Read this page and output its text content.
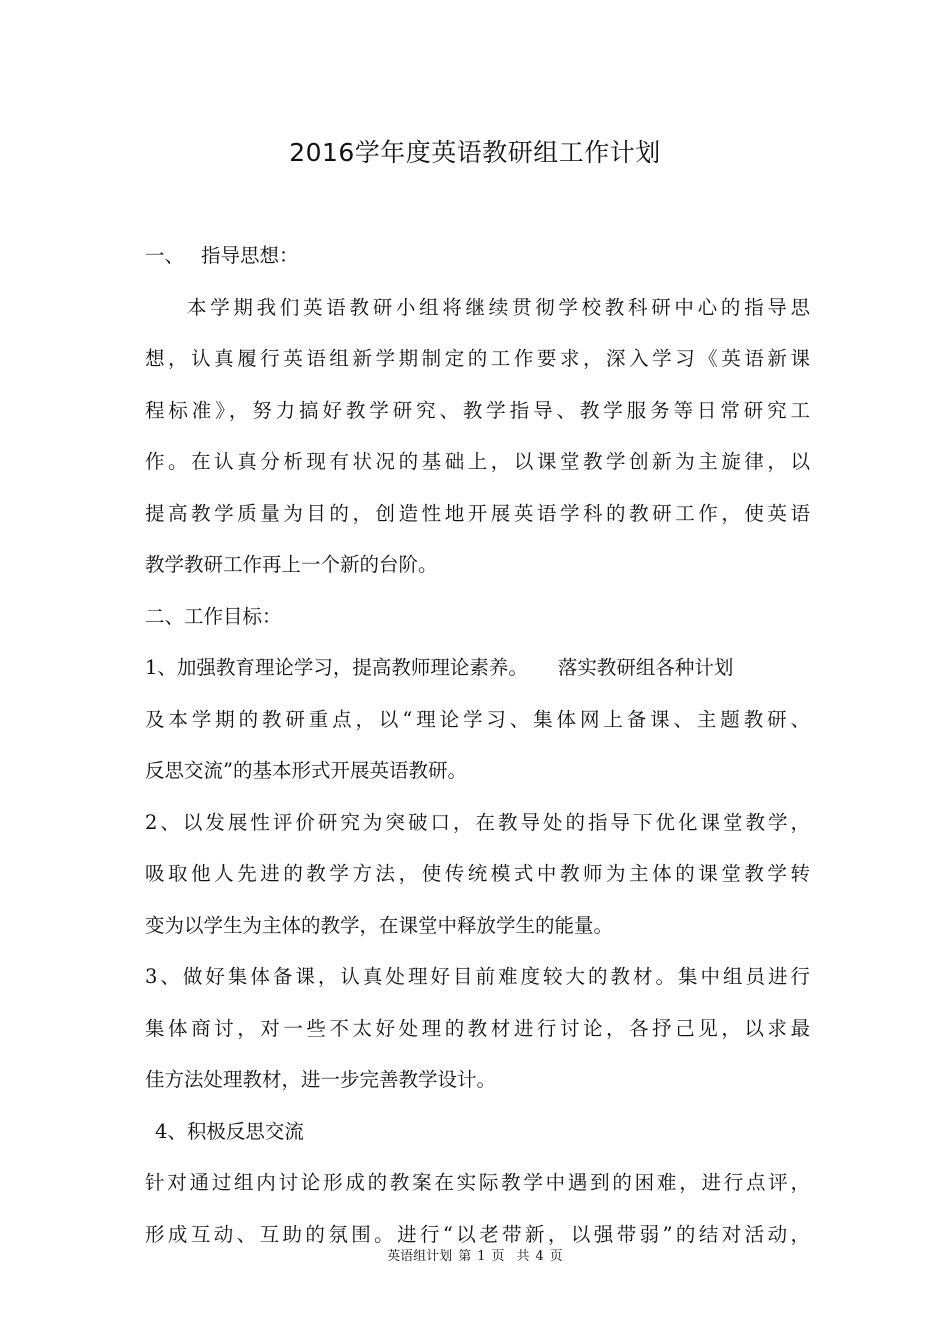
2016学年度英语教研组工作计划
一、 指导思想：
本学期我们英语教研小组将继续贯彻学校教科研中心的指导思
想，认真履行英语组新学期制定的工作要求，深入学习《英语新课
程标准》，努力搞好教学研究、教学指导、教学服务等日常研究工
作。在认真分析现有状况的基础上，以课堂教学创新为主旋律，以
提高教学质量为目的，创造性地开展英语学科的教研工作，使英语
教学教研工作再上一个新的台阶。
二、工作目标：
1、加强教育理论学习，提高教师理论素养。 落实教研组各种计划
及本学期的教研重点，以“理论学习、集体网上备课、主题教研、
反思交流”的基本形式开展英语教研。
2、以发展性评价研究为突破口，在教导处的指导下优化课堂教学，
吸取他人先进的教学方法，使传统模式中教师为主体的课堂教学转
变为以学生为主体的教学，在课堂中释放学生的能量。
3、做好集体备课，认真处理好目前难度较大的教材。集中组员进行
集体商讨，对一些不太好处理的教材进行讨论，各抒己见，以求最
佳方法处理教材，进一步完善教学设计。
4、积极反思交流
针对通过组内讨论形成的教案在实际教学中遇到的困难，进行点评，
形成互动、互助的氛围。进行“以老带新，以强带弱”的结对活动，
英语组计划 第 1 页 共 4 页
